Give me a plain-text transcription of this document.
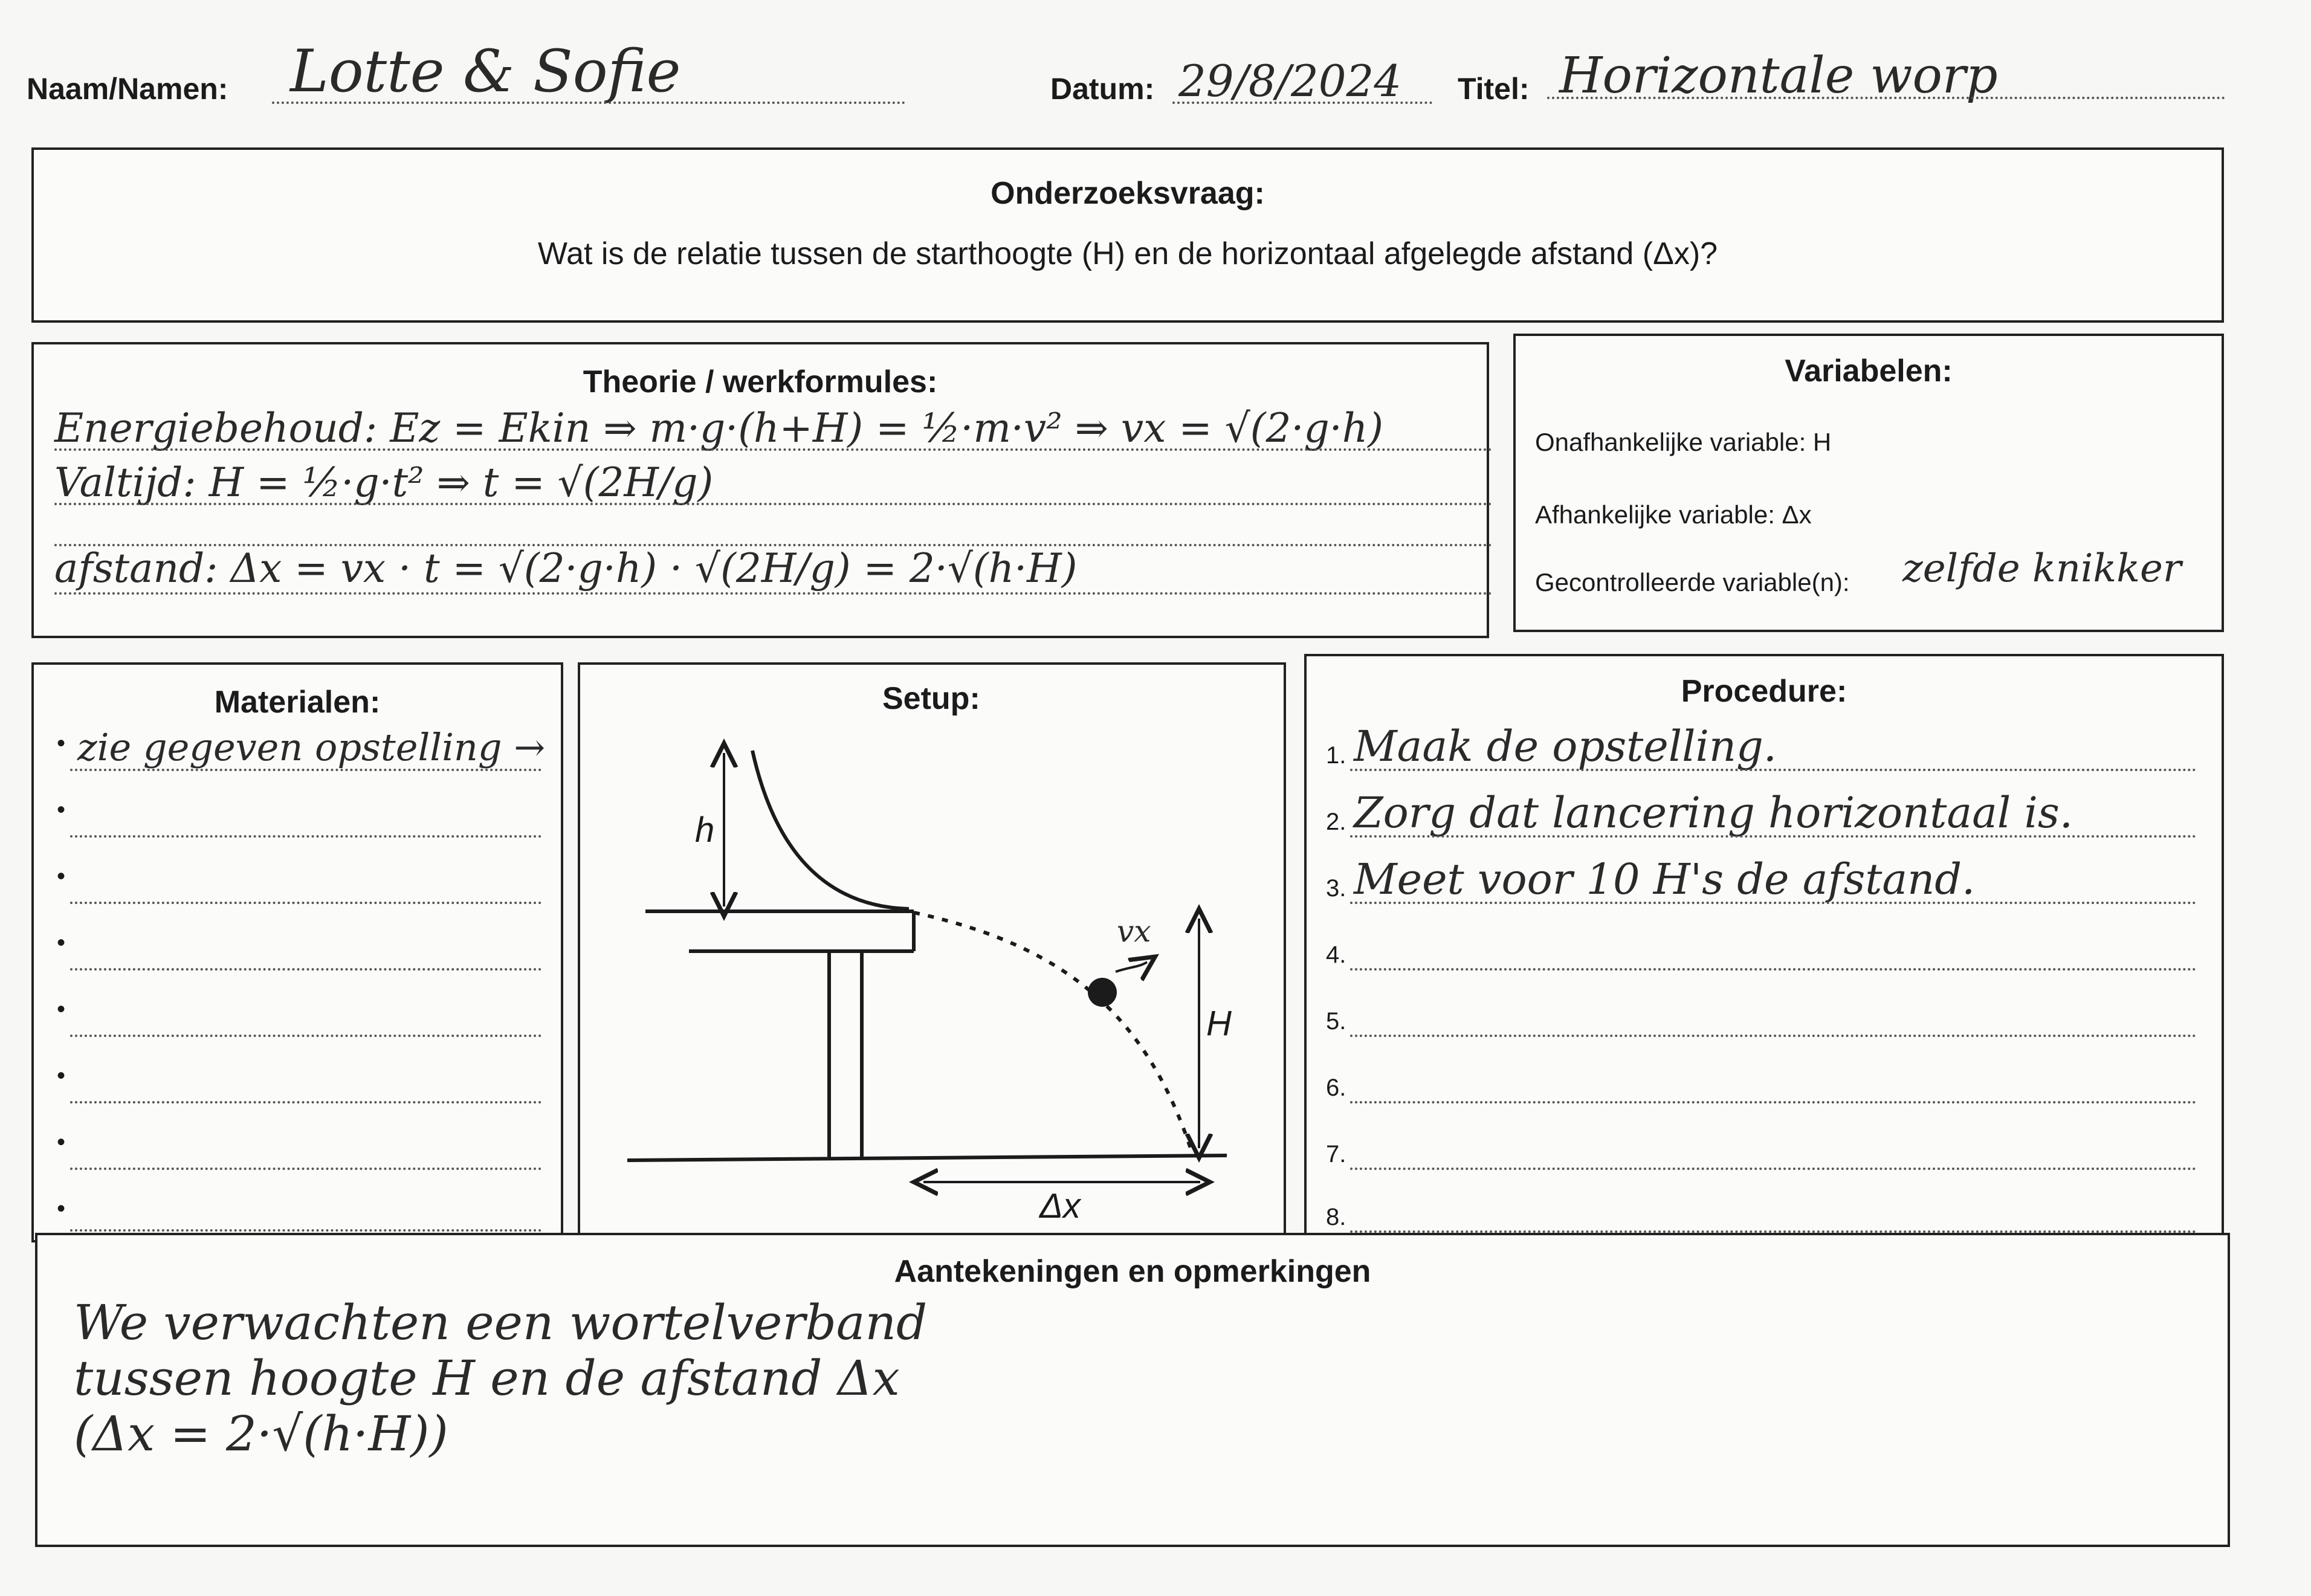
Naam/Namen: Lotte & Sofie	Datum: 29/8/2024 Titel: Horizontale worp
Onderzoeksvraag:
Wat is de relatie tussen de starthoogte (H) en de horizontaal afgelegde afstand (Δx)?
Theorie / werkformules:
Energiebehoud: Ez = Ekin ⇒ m·g·(h+H) = ½·m·v² ⇒ vx = √(2·g·h)
Valtijd: H = ½·g·t² ⇒ t = √(2H/g)
afstand: Δx = vx · t = √(2·g·h) · √(2H/g) = 2·√(h·H)
Variabelen:
Onafhankelijke variable: H
Afhankelijke variable: Δx
Gecontrolleerde variable(n): zelfde knikker
Materialen:
• zie gegeven opstelling →
•
•
•
•
•
•
•
Setup:
h
vx
H
Δx
Procedure:
1. Maak de opstelling.
2. Zorg dat lancering horizontaal is.
3. Meet voor 10 H's de afstand.
4.
5.
6.
7.
8.
Aantekeningen en opmerkingen
We verwachten een wortelverband
tussen hoogte H en de afstand Δx
(Δx = 2·√(h·H))
